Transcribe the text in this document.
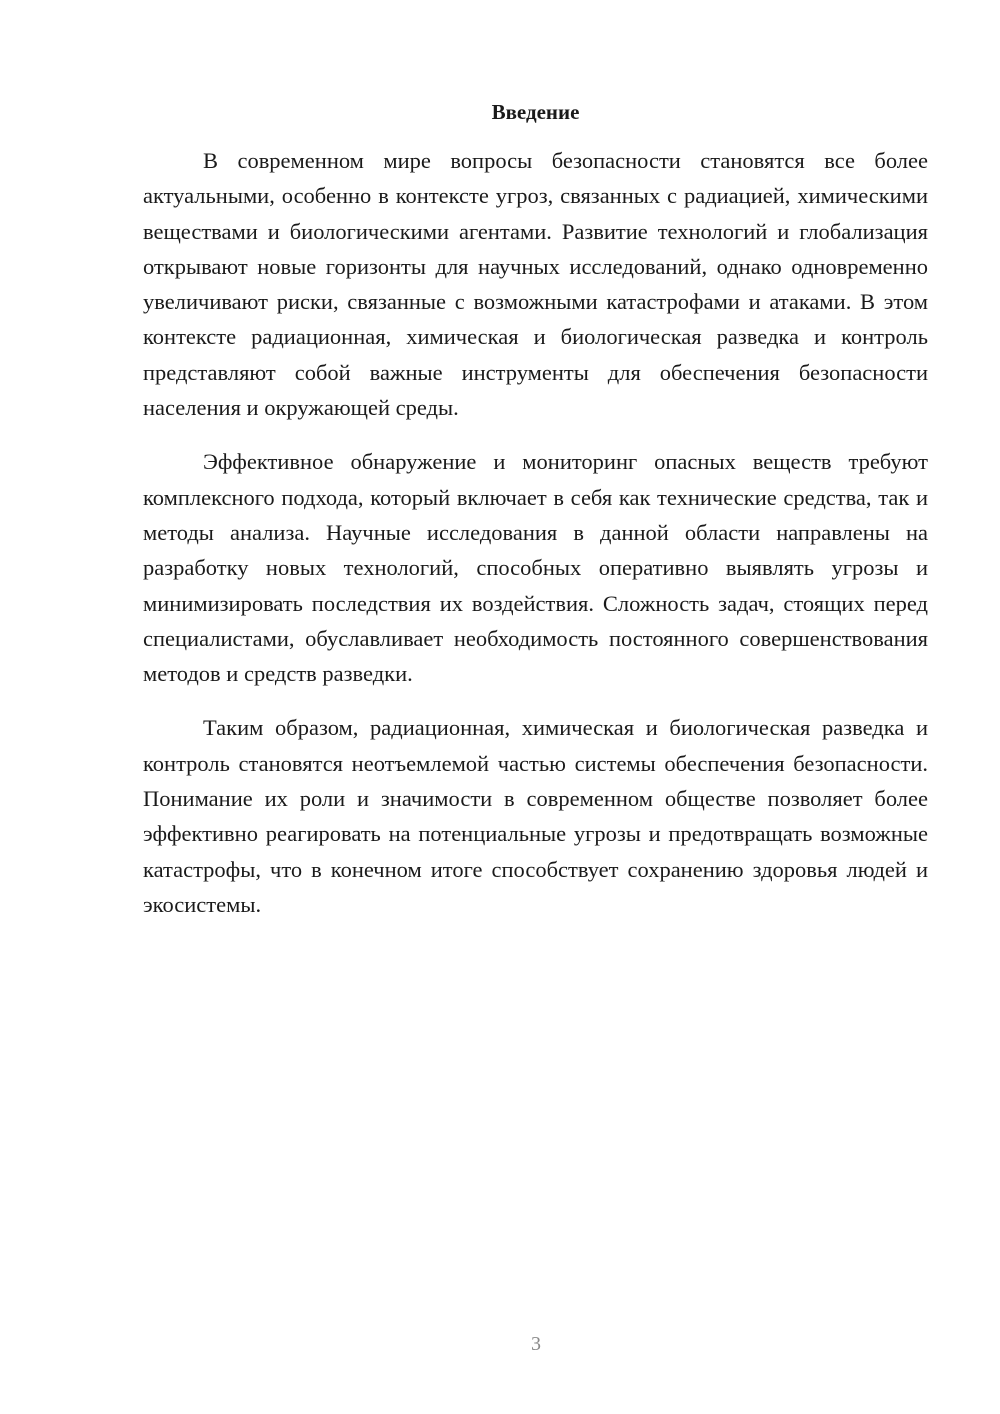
Введение

В современном мире вопросы безопасности становятся все более актуальными, особенно в контексте угроз, связанных с радиацией, химическими веществами и биологическими агентами. Развитие технологий и глобализация открывают новые горизонты для научных исследований, однако одновременно увеличивают риски, связанные с возможными катастрофами и атаками. В этом контексте радиационная, химическая и биологическая разведка и контроль представляют собой важные инструменты для обеспечения безопасности населения и окружающей среды.

Эффективное обнаружение и мониторинг опасных веществ требуют комплексного подхода, который включает в себя как технические средства, так и методы анализа. Научные исследования в данной области направлены на разработку новых технологий, способных оперативно выявлять угрозы и минимизировать последствия их воздействия. Сложность задач, стоящих перед специалистами, обуславливает необходимость постоянного совершенствования методов и средств разведки.

Таким образом, радиационная, химическая и биологическая разведка и контроль становятся неотъемлемой частью системы обеспечения безопасности. Понимание их роли и значимости в современном обществе позволяет более эффективно реагировать на потенциальные угрозы и предотвращать возможные катастрофы, что в конечном итоге способствует сохранению здоровья людей и экосистемы.

3
